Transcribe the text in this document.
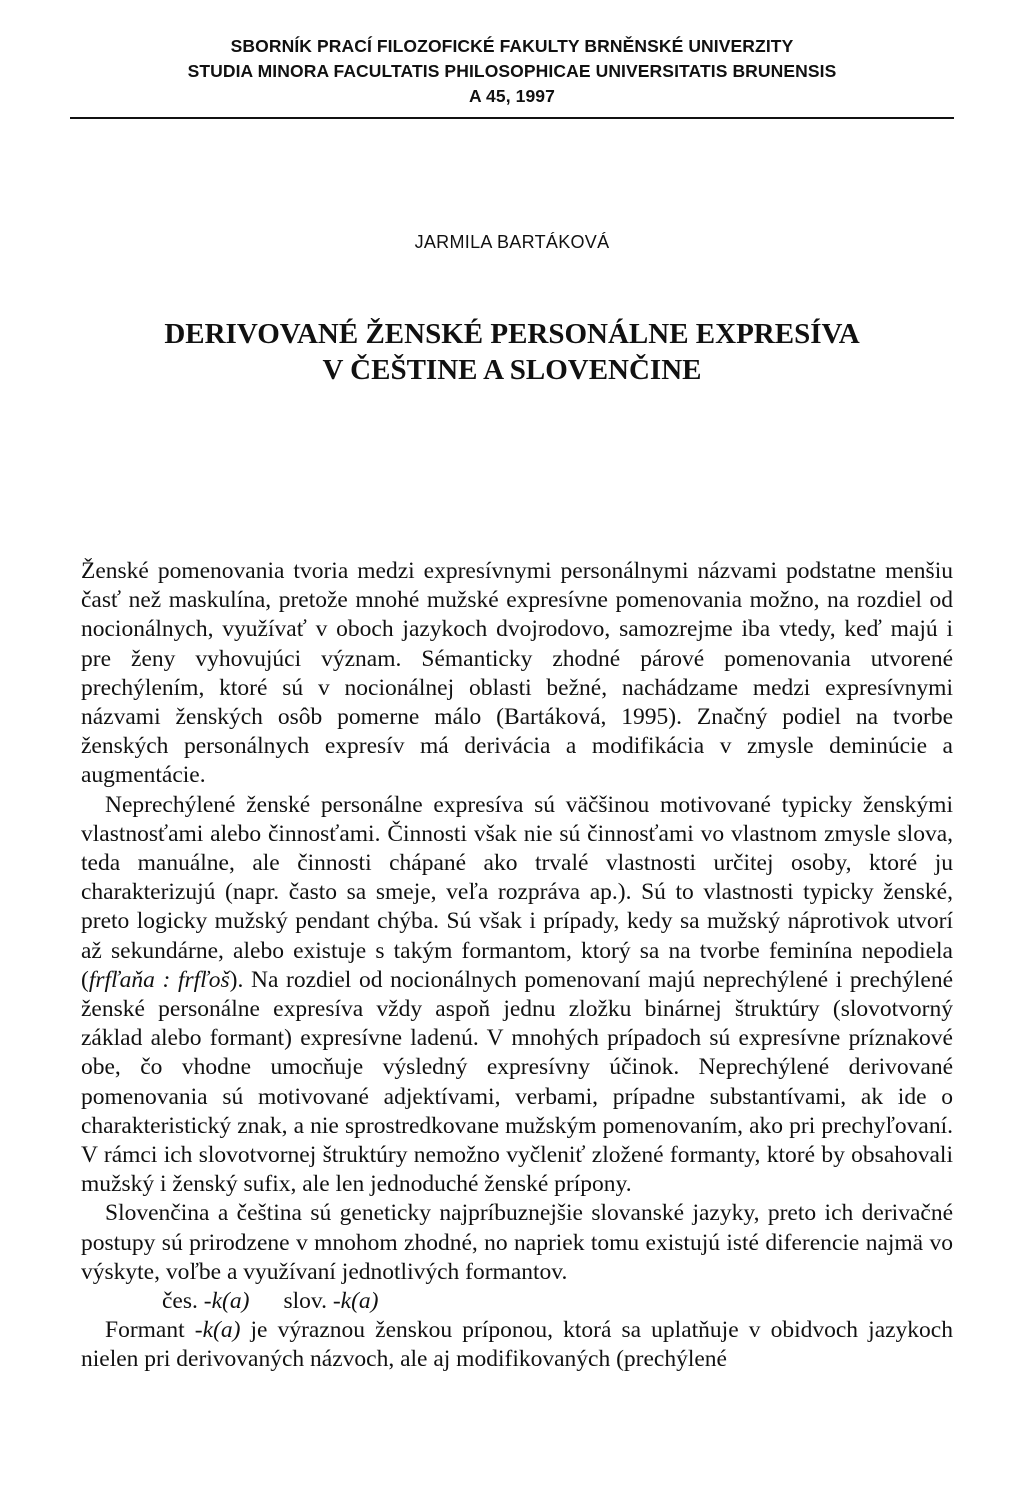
SBORNÍK PRACÍ FILOZOFICKÉ FAKULTY BRNĚNSKÉ UNIVERZITY
STUDIA MINORA FACULTATIS PHILOSOPHICAE UNIVERSITATIS BRUNENSIS
A 45, 1997
JARMILA BARTÁKOVÁ
DERIVOVANÉ ŽENSKÉ PERSONÁLNE EXPRESÍVA
V ČEŠTINE A SLOVENČINE

Ženské pomenovania tvoria medzi expresívnymi personálnymi názvami podstatne menšiu časť než maskulína, pretože mnohé mužské expresívne pomenovania možno, na rozdiel od nocionálnych, využívať v oboch jazykoch dvojrodovo, samozrejme iba vtedy, keď majú i pre ženy vyhovujúci význam. Sémanticky zhodné párové pomenovania utvorené prechýlením, ktoré sú v nocionálnej oblasti bežné, nachádzame medzi expresívnymi názvami ženských osôb pomerne málo (Bartáková, 1995). Značný podiel na tvorbe ženských personálnych expresív má derivácia a modifikácia v zmysle deminúcie a augmentácie.

Neprechýlené ženské personálne expresíva sú väčšinou motivované typicky ženskými vlastnosťami alebo činnosťami. Činnosti však nie sú činnosťami vo vlastnom zmysle slova, teda manuálne, ale činnosti chápané ako trvalé vlastnosti určitej osoby, ktoré ju charakterizujú (napr. často sa smeje, veľa rozpráva ap.). Sú to vlastnosti typicky ženské, preto logicky mužský pendant chýba. Sú však i prípady, kedy sa mužský náprotivok utvorí až sekundárne, alebo existuje s takým formantom, ktorý sa na tvorbe feminína nepodiela (frfľaňa : frfľoš). Na rozdiel od nocionálnych pomenovaní majú neprechýlené i prechýlené ženské personálne expresíva vždy aspoň jednu zložku binárnej štruktúry (slovotvorný základ alebo formant) expresívne ladenú. V mnohých prípadoch sú expresívne príznakové obe, čo vhodne umocňuje výsledný expresívny účinok. Neprechýlené derivované pomenovania sú motivované adjektívami, verbami, prípadne substantívami, ak ide o charakteristický znak, a nie sprostredkovane mužským pomenovaním, ako pri prechyľovaní. V rámci ich slovotvornej štruktúry nemožno vyčleniť zložené formanty, ktoré by obsahovali mužský i ženský sufix, ale len jednoduché ženské prípony.

Slovenčina a čeština sú geneticky najpríbuznejšie slovanské jazyky, preto ich derivačné postupy sú prirodzene v mnohom zhodné, no napriek tomu existujú isté diferencie najmä vo výskyte, voľbe a využívaní jednotlivých formantov.

čes. -k(a) slov. -k(a)

Formant -k(a) je výraznou ženskou príponou, ktorá sa uplatňuje v obidvoch jazykoch nielen pri derivovaných názvoch, ale aj modifikovaných (prechýlené
